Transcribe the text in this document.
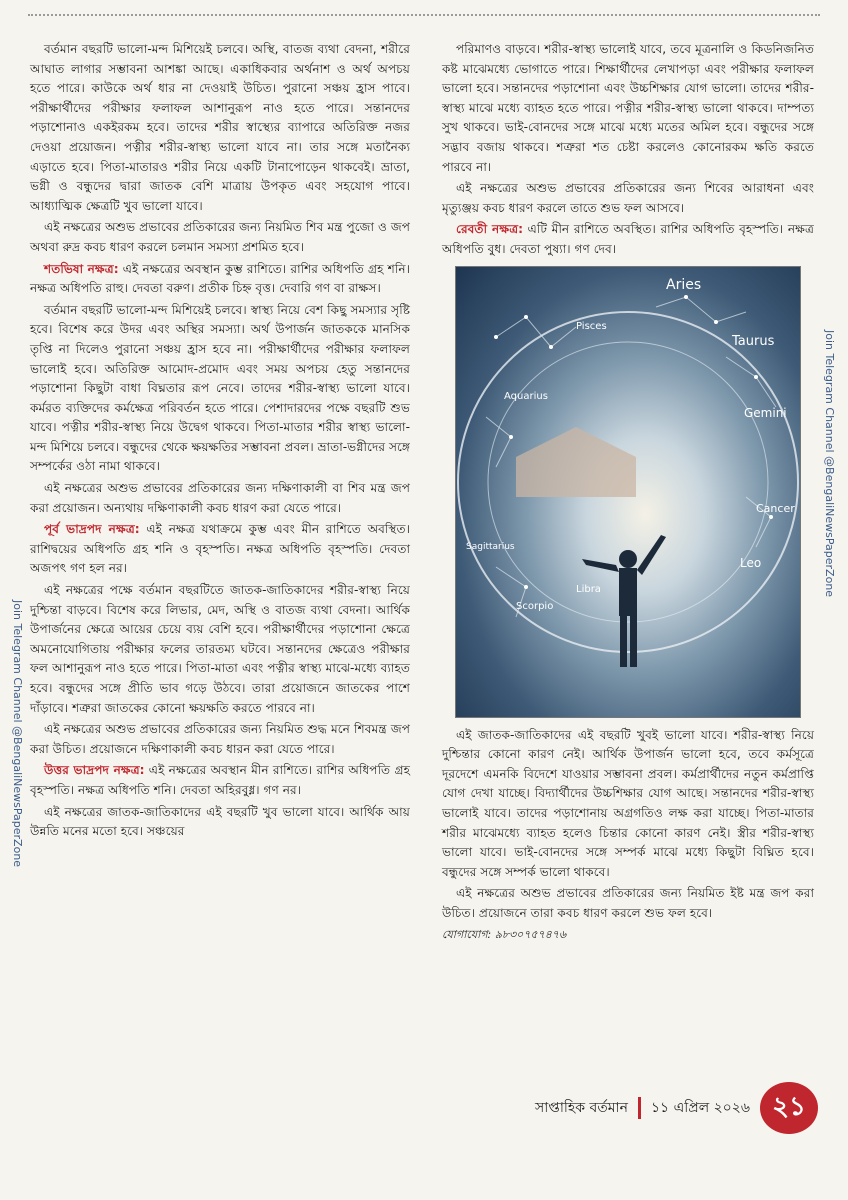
বর্তমান বছরটি ভালো-মন্দ মিশিয়েই চলবে। অস্থি, বাতজ ব্যথা বেদনা, শরীরে আঘাত লাগার সম্ভাবনা আশঙ্কা আছে। একাধিকবার অর্থনাশ ও অর্থ অপচয় হতে পারে। কাউকে অর্থ ধার না দেওয়াই উচিত। পুরানো সঞ্চয় হ্রাস পাবে। পরীক্ষার্থীদের পরীক্ষার ফলাফল আশানুরূপ নাও হতে পারে। সন্তানদের পড়াশোনাও একইরকম হবে। তাদের শরীর স্বাস্থ্যের ব্যাপারে অতিরিক্ত নজর দেওয়া প্রয়োজন। পত্নীর শরীর-স্বাস্থ্য ভালো যাবে না। তার সঙ্গে মতানৈক্য এড়াতে হবে। পিতা-মাতারও শরীর নিয়ে একটি টানাপোড়েন থাকবেই। ভ্রাতা, ভগ্নী ও বন্ধুদের দ্বারা জাতক বেশি মাত্রায় উপকৃত এবং সহযোগ পাবে। আধ্যাত্মিক ক্ষেত্রটি খুব ভালো যাবে।

এই নক্ষত্রের অশুভ প্রভাবের প্রতিকারের জন্য নিয়মিত শিব মন্ত্র পুজো ও জপ অথবা রুদ্র কবচ ধারণ করলে চলমান সমস্যা প্রশমিত হবে।

শতভিষা নক্ষত্র: এই নক্ষত্রের অবস্থান কুম্ভ রাশিতে। রাশির অধিপতি গ্রহ শনি। নক্ষত্র অধিপতি রাহু। দেবতা বরুণ। প্রতীক চিহ্ন বৃত্ত। দেবারি গণ বা রাক্ষস।

বর্তমান বছরটি ভালো-মন্দ মিশিয়েই চলবে। স্বাস্থ্য নিয়ে বেশ কিছু সমস্যার সৃষ্টি হবে। বিশেষ করে উদর এবং অস্থির সমস্যা। অর্থ উপার্জন জাতককে মানসিক তৃপ্তি না দিলেও পুরানো সঞ্চয় হ্রাস হবে না। পরীক্ষার্থীদের পরীক্ষার ফলাফল ভালোই হবে। অতিরিক্ত আমোদ-প্রমোদ এবং সময় অপচয় হেতু সন্তানদের পড়াশোনা কিছুটা বাধা বিঘ্নতার রূপ নেবে। তাদের শরীর-স্বাস্থ্য ভালো যাবে। কর্মরত ব্যক্তিদের কর্মক্ষেত্র পরিবর্তন হতে পারে। পেশাদারদের পক্ষে বছরটি শুভ যাবে। পত্নীর শরীর-স্বাস্থ্য নিয়ে উদ্বেগ থাকবে। পিতা-মাতার শরীর স্বাস্থ্য ভালো-মন্দ মিশিয়ে চলবে। বন্ধুদের থেকে ক্ষয়ক্ষতির সম্ভাবনা প্রবল। ভ্রাতা-ভগ্নীদের সঙ্গে সম্পর্কের ওঠা নামা থাকবে।

এই নক্ষত্রের অশুভ প্রভাবের প্রতিকারের জন্য দক্ষিণাকালী বা শিব মন্ত্র জপ করা প্রয়োজন। অন্যথায় দক্ষিণাকালী কবচ ধারণ করা যেতে পারে।

পূর্ব ভাদ্রপদ নক্ষত্র: এই নক্ষত্র যথাক্রমে কুম্ভ এবং মীন রাশিতে অবস্থিত। রাশিদ্বয়ের অধিপতি গ্রহ শনি ও বৃহস্পতি। নক্ষত্র অধিপতি বৃহস্পতি। দেবতা অজপৎ গণ হল নর।

এই নক্ষত্রের পক্ষে বর্তমান বছরটিতে জাতক-জাতিকাদের শরীর-স্বাস্থ্য নিয়ে দুশ্চিন্তা বাড়বে। বিশেষ করে লিভার, মেদ, অস্থি ও বাতজ ব্যথা বেদনা। আর্থিক উপার্জনের ক্ষেত্রে আয়ের চেয়ে ব্যয় বেশি হবে। পরীক্ষার্থীদের পড়াশোনা ক্ষেত্রে অমনোযোগিতায় পরীক্ষার ফলের তারতম্য ঘটবে। সন্তানদের ক্ষেত্রেও পরীক্ষার ফল আশানুরূপ নাও হতে পারে। পিতা-মাতা এবং পত্নীর স্বাস্থ্য মাঝে-মধ্যে ব্যাহত হবে। বন্ধুদের সঙ্গে প্রীতি ভাব গড়ে উঠবে। তারা প্রয়োজনে জাতকের পাশে দাঁড়াবে। শত্রুরা জাতকের কোনো ক্ষয়ক্ষতি করতে পারবে না।

এই নক্ষত্রের অশুভ প্রভাবের প্রতিকারের জন্য নিয়মিত শুদ্ধ মনে শিবমন্ত্র জপ করা উচিত। প্রয়োজনে দক্ষিণাকালী কবচ ধারন করা যেতে পারে।

উত্তর ভাদ্রপদ নক্ষত্র: এই নক্ষত্রের অবস্থান মীন রাশিতে। রাশির অধিপতি গ্রহ বৃহস্পতি। নক্ষত্র অধিপতি শনি। দেবতা অহিরবুধ্ন। গণ নর।

এই নক্ষত্রের জাতক-জাতিকাদের এই বছরটি খুব ভালো যাবে। আর্থিক আয় উন্নতি মনের মতো হবে। সঞ্চয়ের

পরিমাণও বাড়বে। শরীর-স্বাস্থ্য ভালোই যাবে, তবে মূত্রনালি ও কিডনিজনিত কষ্ট মাঝেমধ্যে ভোগাতে পারে। শিক্ষার্থীদের লেখাপড়া এবং পরীক্ষার ফলাফল ভালো হবে। সন্তানদের পড়াশোনা এবং উচ্চশিক্ষার যোগ ভালো। তাদের শরীর-স্বাস্থ্য মাঝে মধ্যে ব্যাহত হতে পারে। পত্নীর শরীর-স্বাস্থ্য ভালো থাকবে। দাম্পত্য সুখ থাকবে। ভাই-বোনদের সঙ্গে মাঝে মধ্যে মতের অমিল হবে। বন্ধুদের সঙ্গে সদ্ভাব বজায় থাকবে। শত্রুরা শত চেষ্টা করলেও কোনোরকম ক্ষতি করতে পারবে না।

এই নক্ষত্রের অশুভ প্রভাবের প্রতিকারের জন্য শিবের আরাধনা এবং মৃত্যুঞ্জয় কবচ ধারণ করলে তাতে শুভ ফল আসবে।

রেবতী নক্ষত্র: এটি মীন রাশিতে অবস্থিত। রাশির অধিপতি বৃহস্পতি। নক্ষত্র অধিপতি বুধ। দেবতা পুষ্যা। গণ দেব।

Aries
Pisces
Taurus
Aquarius
Gemini
Cancer
Leo
Sagittarius
Scorpio
Libra

এই জাতক-জাতিকাদের এই বছরটি খুবই ভালো যাবে। শরীর-স্বাস্থ্য নিয়ে দুশ্চিন্তার কোনো কারণ নেই। আর্থিক উপার্জন ভালো হবে, তবে কর্মসূত্রে দূরদেশে এমনকি বিদেশে যাওয়ার সম্ভাবনা প্রবল। কর্মপ্রার্থীদের নতুন কর্মপ্রাপ্তি যোগ দেখা যাচ্ছে। বিদ্যার্থীদের উচ্চশিক্ষার যোগ আছে। সন্তানদের শরীর-স্বাস্থ্য ভালোই যাবে। তাদের পড়াশোনায় অগ্রগতিও লক্ষ করা যাচ্ছে। পিতা-মাতার শরীর মাঝেমধ্যে ব্যাহত হলেও চিন্তার কোনো কারণ নেই। স্ত্রীর শরীর-স্বাস্থ্য ভালো যাবে। ভাই-বোনদের সঙ্গে সম্পর্ক মাঝে মধ্যে কিছুটা বিঘ্নিত হবে। বন্ধুদের সঙ্গে সম্পর্ক ভালো থাকবে।

এই নক্ষত্রের অশুভ প্রভাবের প্রতিকারের জন্য নিয়মিত ইষ্ট মন্ত্র জপ করা উচিত। প্রয়োজনে তারা কবচ ধারণ করলে শুভ ফল হবে।

যোগাযোগ: ৯৮৩০৭৫৭৪৭৬
Join Telegram Channel @BengaliNewsPaperZone
Join Telegram Channel @BengaliNewsPaperZone
সাপ্তাহিক বর্তমান ১১ এপ্রিল ২০২৬ ২১
